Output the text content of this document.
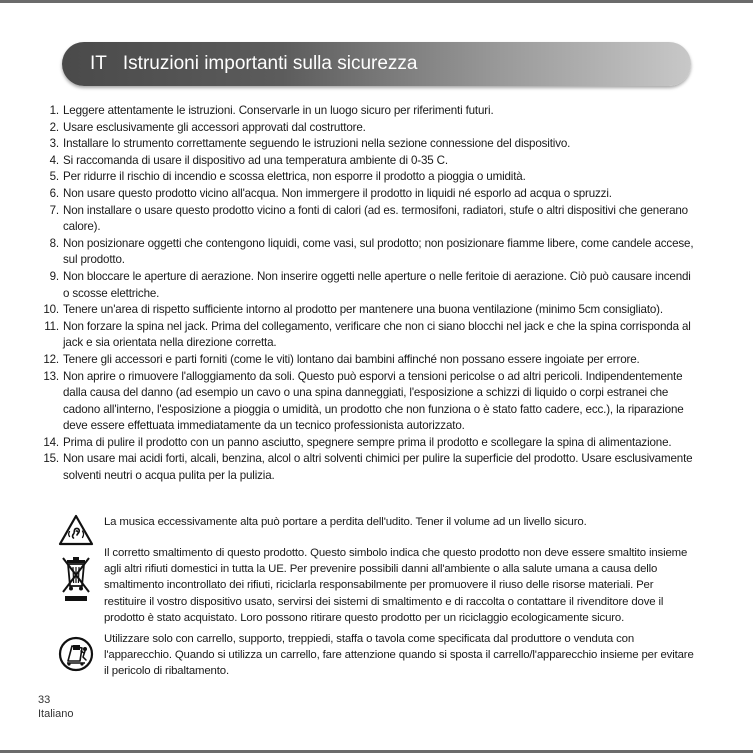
IT Istruzioni importanti sulla sicurezza
1. Leggere attentamente le istruzioni. Conservarle in un luogo sicuro per riferimenti futuri.
2. Usare esclusivamente gli accessori approvati dal costruttore.
3. Installare lo strumento correttamente seguendo le istruzioni nella sezione connessione del dispositivo.
4. Si raccomanda di usare il dispositivo ad una temperatura ambiente di 0-35 C.
5. Per ridurre il rischio di incendio e scossa elettrica, non esporre il prodotto a pioggia o umidità.
6. Non usare questo prodotto vicino all'acqua. Non immergere il prodotto in liquidi né esporlo ad acqua o spruzzi.
7. Non installare o usare questo prodotto vicino a fonti di calori (ad es. termosifoni, radiatori, stufe o altri dispositivi che generano calore).
8. Non posizionare oggetti che contengono liquidi, come vasi, sul prodotto; non posizionare fiamme libere, come candele accese, sul prodotto.
9. Non bloccare le aperture di aerazione. Non inserire oggetti nelle aperture o nelle feritoie di aerazione. Ciò può causare incendi o scosse elettriche.
10. Tenere un'area di rispetto sufficiente intorno al prodotto per mantenere una buona ventilazione (minimo 5cm consigliato).
11. Non forzare la spina nel jack. Prima del collegamento, verificare che non ci siano blocchi nel jack e che la spina corrisponda al jack e sia orientata nella direzione corretta.
12. Tenere gli accessori e parti forniti (come le viti) lontano dai bambini affinché non possano essere ingoiate per errore.
13. Non aprire o rimuovere l'alloggiamento da soli. Questo può esporvi a tensioni pericolse o ad altri pericoli. Indipendentemente dalla causa del danno (ad esempio un cavo o una spina danneggiati, l'esposizione a schizzi di liquido o corpi estranei che cadono all'interno, l'esposizione a pioggia o umidità, un prodotto che non funziona o è stato fatto cadere, ecc.), la riparazione deve essere effettuata immediatamente da un tecnico professionista autorizzato.
14. Prima di pulire il prodotto con un panno asciutto, spegnere sempre prima il prodotto e scollegare la spina di alimentazione.
15. Non usare mai acidi forti, alcali, benzina, alcol o altri solventi chimici per pulire la superficie del prodotto. Usare esclusivamente solventi neutri o acqua pulita per la pulizia.
La musica eccessivamente alta può portare a perdita dell'udito. Tener il volume ad un livello sicuro.
Il corretto smaltimento di questo prodotto. Questo simbolo indica che questo prodotto non deve essere smaltito insieme agli altri rifiuti domestici in tutta la UE. Per prevenire possibili danni all'ambiente o alla salute umana a causa dello smaltimento incontrollato dei rifiuti, riciclarla responsabilmente per promuovere il riuso delle risorse materiali. Per restituire il vostro dispositivo usato, servirsi dei sistemi di smaltimento e di raccolta o contattare il rivenditore dove il prodotto è stato acquistato. Loro possono ritirare questo prodotto per un riciclaggio ecologicamente sicuro.
Utilizzare solo con carrello, supporto, treppiedi, staffa o tavola come specificata dal produttore o venduta con l'apparecchio. Quando si utilizza un carrello, fare attenzione quando si sposta il carrello/l'apparecchio insieme per evitare il pericolo di ribaltamento.
33
Italiano
